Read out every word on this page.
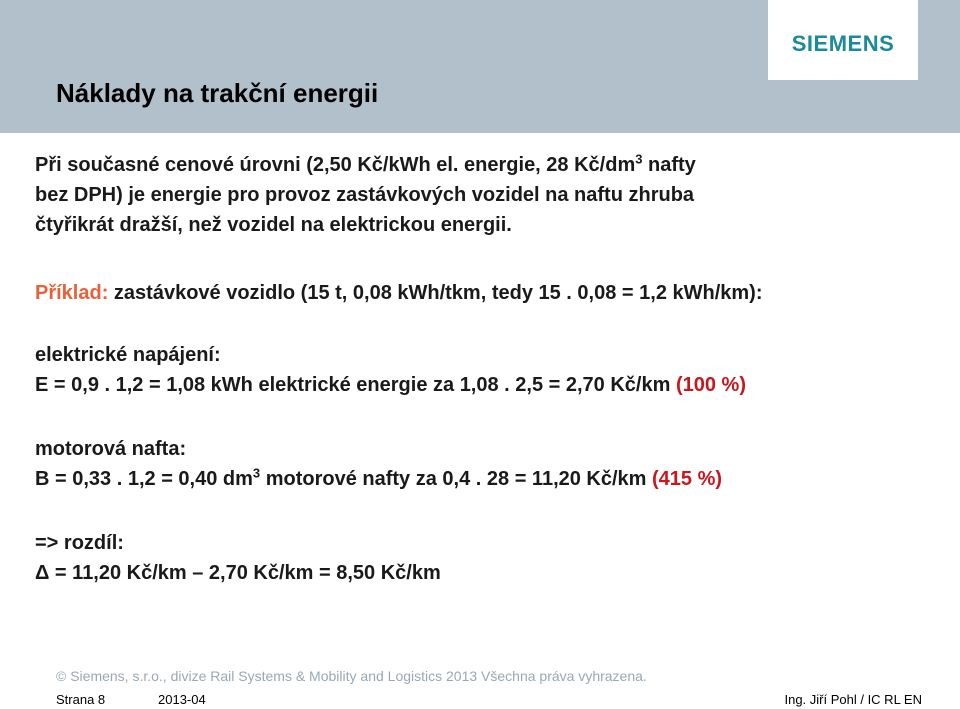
SIEMENS
Náklady na trakční energii
Při současné cenové úrovni (2,50 Kč/kWh el. energie, 28 $Kč/dm^3$ nafty
bez DPH) je energie pro provoz zastávkových vozidel na naftu zhruba
čtyřikrát dražší, než vozidel na elektrickou energii.
Příklad: zastávkové vozidlo (15 t, 0,08 kWh/tkm, tedy 15 . 0,08 = 1,2 kWh/km):
elektrické napájení:
E = 0,9 . 1,2 = 1,08 kWh elektrické energie za 1,08 . 2,5 = 2,70 Kč/km (100 %)
motorová nafta:
B = 0,33 . 1,2 = 0,40 $dm^3$ motorové nafty za 0,4 . 28 = 11,20 Kč/km (415 %)
=> rozdíl:
Δ = 11,20 Kč/km – 2,70 Kč/km = 8,50 Kč/km
© Siemens, s.r.o., divize Rail Systems & Mobility and Logistics 2013 Všechna práva vyhrazena.
Strana 8	2013-04	Ing. Jiří Pohl / IC RL EN
